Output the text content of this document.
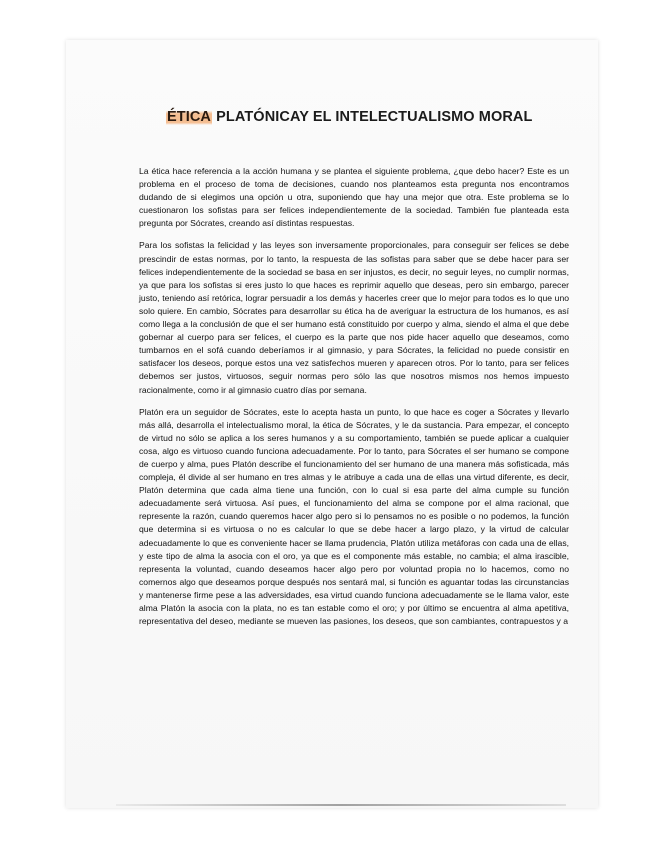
ÉTICA PLATÓNICAY EL INTELECTUALISMO MORAL

La ética hace referencia a la acción humana y se plantea el siguiente problema, ¿que debo hacer? Este es un problema en el proceso de toma de decisiones, cuando nos planteamos esta pregunta nos encontramos dudando de si elegimos una opción u otra, suponiendo que hay una mejor que otra. Este problema se lo cuestionaron los sofistas para ser felices independientemente de la sociedad. También fue planteada esta pregunta por Sócrates, creando así distintas respuestas.

Para los sofistas la felicidad y las leyes son inversamente proporcionales, para conseguir ser felices se debe prescindir de estas normas, por lo tanto, la respuesta de las sofistas para saber que se debe hacer para ser felices independientemente de la sociedad se basa en ser injustos, es decir, no seguir leyes, no cumplir normas, ya que para los sofistas si eres justo lo que haces es reprimir aquello que deseas, pero sin embargo, parecer justo, teniendo así retórica, lograr persuadir a los demás y hacerles creer que lo mejor para todos es lo que uno solo quiere. En cambio, Sócrates para desarrollar su ética ha de averiguar la estructura de los humanos, es así como llega a la conclusión de que el ser humano está constituido por cuerpo y alma, siendo el alma el que debe gobernar al cuerpo para ser felices, el cuerpo es la parte que nos pide hacer aquello que deseamos, como tumbarnos en el sofá cuando deberíamos ir al gimnasio, y para Sócrates, la felicidad no puede consistir en satisfacer los deseos, porque estos una vez satisfechos mueren y aparecen otros. Por lo tanto, para ser felices debemos ser justos, virtuosos, seguir normas pero sólo las que nosotros mismos nos hemos impuesto racionalmente, como ir al gimnasio cuatro días por semana.

Platón era un seguidor de Sócrates, este lo acepta hasta un punto, lo que hace es coger a Sócrates y llevarlo más allá, desarrolla el intelectualismo moral, la ética de Sócrates, y le da sustancia. Para empezar, el concepto de virtud no sólo se aplica a los seres humanos y a su comportamiento, también se puede aplicar a cualquier cosa, algo es virtuoso cuando funciona adecuadamente. Por lo tanto, para Sócrates el ser humano se compone de cuerpo y alma, pues Platón describe el funcionamiento del ser humano de una manera más sofisticada, más compleja, él divide al ser humano en tres almas y le atribuye a cada una de ellas una virtud diferente, es decir, Platón determina que cada alma tiene una función, con lo cual si esa parte del alma cumple su función adecuadamente será virtuosa. Así pues, el funcionamiento del alma se compone por el alma racional, que represente la razón, cuando queremos hacer algo pero si lo pensamos no es posible o no podemos, la función que determina si es virtuosa o no es calcular lo que se debe hacer a largo plazo, y la virtud de calcular adecuadamente lo que es conveniente hacer se llama prudencia, Platón utiliza metáforas con cada una de ellas, y este tipo de alma la asocia con el oro, ya que es el componente más estable, no cambia; el alma irascible, representa la voluntad, cuando deseamos hacer algo pero por voluntad propia no lo hacemos, como no comernos algo que deseamos porque después nos sentará mal, si función es aguantar todas las circunstancias y mantenerse firme pese a las adversidades, esa virtud cuando funciona adecuadamente se le llama valor, este alma Platón la asocia con la plata, no es tan estable como el oro; y por último se encuentra al alma apetitiva, representativa del deseo, mediante se mueven las pasiones, los deseos, que son cambiantes, contrapuestos y a
